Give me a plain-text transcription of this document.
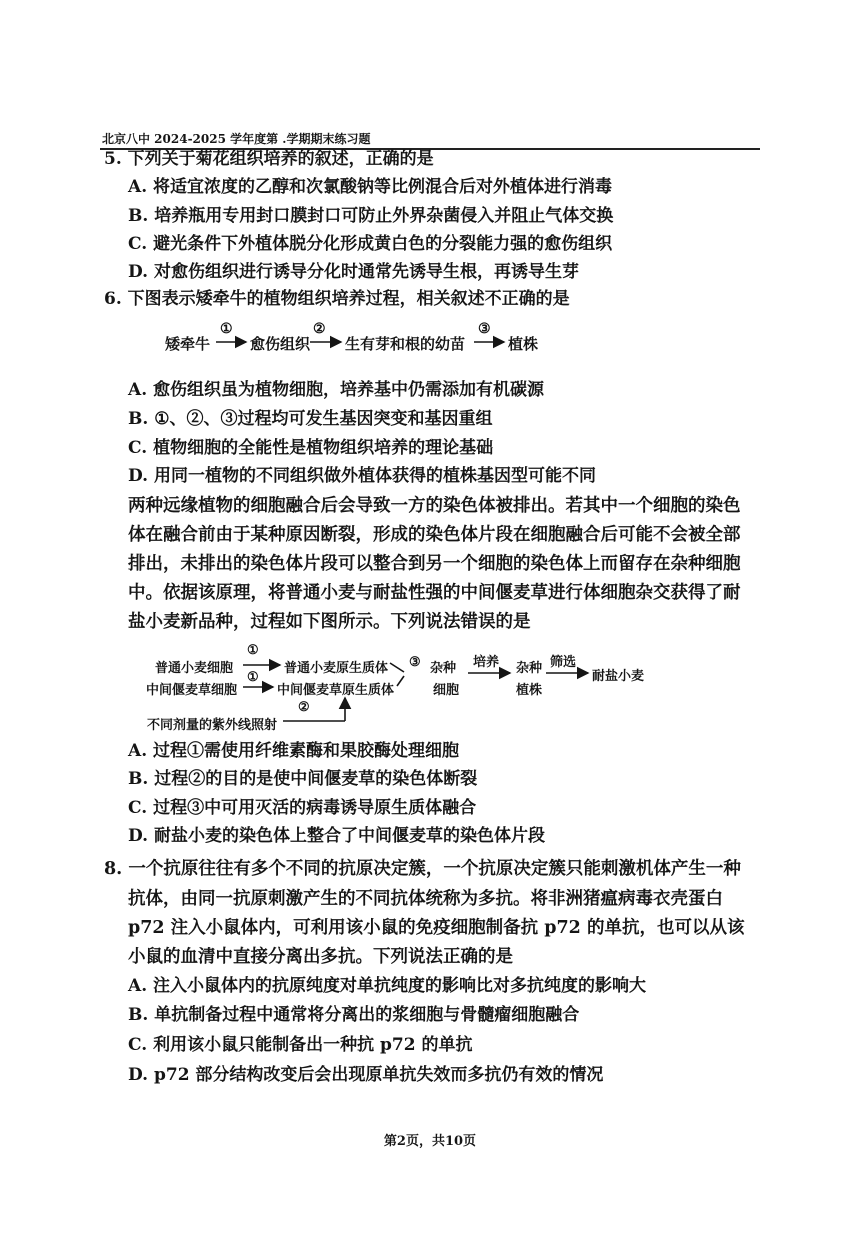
北京八中 2024-2025 学年度第 .学期期末练习题
5. 下列关于菊花组织培养的叙述，正确的是
A. 将适宜浓度的乙醇和次氯酸钠等比例混合后对外植体进行消毒
B. 培养瓶用专用封口膜封口可防止外界杂菌侵入并阻止气体交换
C. 避光条件下外植体脱分化形成黄白色的分裂能力强的愈伤组织
D. 对愈伤组织进行诱导分化时通常先诱导生根，再诱导生芽
6. 下图表示矮牵牛的植物组织培养过程，相关叙述不正确的是
矮牵牛
①
愈伤组织
②
生有芽和根的幼苗
③
植株
A. 愈伤组织虽为植物细胞，培养基中仍需添加有机碳源
B. ①、②、③过程均可发生基因突变和基因重组
C. 植物细胞的全能性是植物组织培养的理论基础
D. 用同一植物的不同组织做外植体获得的植株基因型可能不同
两种远缘植物的细胞融合后会导致一方的染色体被排出。若其中一个细胞的染色
体在融合前由于某种原因断裂，形成的染色体片段在细胞融合后可能不会被全部
排出，未排出的染色体片段可以整合到另一个细胞的染色体上而留存在杂种细胞
中。依据该原理，将普通小麦与耐盐性强的中间偃麦草进行体细胞杂交获得了耐
盐小麦新品种，过程如下图所示。下列说法错误的是
普通小麦细胞
中间偃麦草细胞
①
①
普通小麦原生质体
中间偃麦草原生质体
③ 杂种
细胞
培养 杂种
植株
筛选
耐盐小麦
不同剂量的紫外线照射
②
A. 过程①需使用纤维素酶和果胶酶处理细胞
B. 过程②的目的是使中间偃麦草的染色体断裂
C. 过程③中可用灭活的病毒诱导原生质体融合
D. 耐盐小麦的染色体上整合了中间偃麦草的染色体片段
8. 一个抗原往往有多个不同的抗原决定簇，一个抗原决定簇只能刺激机体产生一种
抗体，由同一抗原刺激产生的不同抗体统称为多抗。将非洲猪瘟病毒衣壳蛋白
p72 注入小鼠体内，可利用该小鼠的免疫细胞制备抗 p72 的单抗，也可以从该
小鼠的血清中直接分离出多抗。下列说法正确的是
A. 注入小鼠体内的抗原纯度对单抗纯度的影响比对多抗纯度的影响大
B. 单抗制备过程中通常将分离出的浆细胞与骨髓瘤细胞融合
C. 利用该小鼠只能制备出一种抗 p72 的单抗
D. p72 部分结构改变后会出现原单抗失效而多抗仍有效的情况
第2页，共10页
